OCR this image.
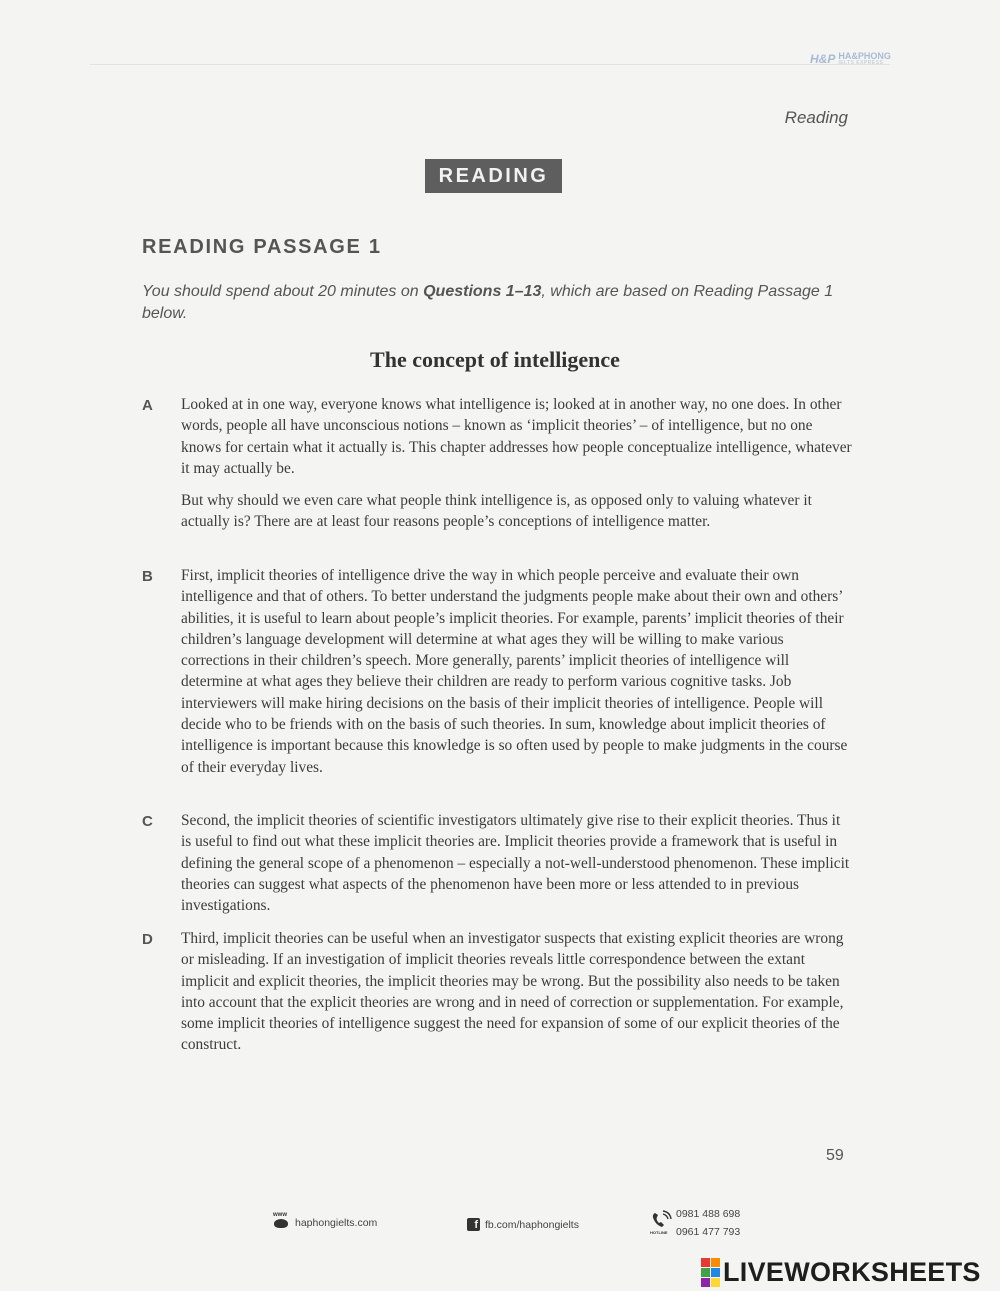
H&P HA&PHONG
IELTS EXPRESS
Reading
READING
READING PASSAGE 1
You should spend about 20 minutes on Questions 1–13, which are based on Reading Passage 1 below.
The concept of intelligence
A Looked at in one way, everyone knows what intelligence is; looked at in another way, no one does. In other words, people all have unconscious notions – known as ‘implicit theories’ – of intelligence, but no one knows for certain what it actually is. This chapter addresses how people conceptualize intelligence, whatever it may actually be.

But why should we even care what people think intelligence is, as opposed only to valuing whatever it actually is? There are at least four reasons people’s conceptions of intelligence matter.

B First, implicit theories of intelligence drive the way in which people perceive and evaluate their own intelligence and that of others. To better understand the judgments people make about their own and others’ abilities, it is useful to learn about people’s implicit theories. For example, parents’ implicit theories of their children’s language development will determine at what ages they will be willing to make various corrections in their children’s speech. More generally, parents’ implicit theories of intelligence will determine at what ages they believe their children are ready to perform various cognitive tasks. Job interviewers will make hiring decisions on the basis of their implicit theories of intelligence. People will decide who to be friends with on the basis of such theories. In sum, knowledge about implicit theories of intelligence is important because this knowledge is so often used by people to make judgments in the course of their everyday lives.

C Second, the implicit theories of scientific investigators ultimately give rise to their explicit theories. Thus it is useful to find out what these implicit theories are. Implicit theories provide a framework that is useful in defining the general scope of a phenomenon – especially a not-well-understood phenomenon. These implicit theories can suggest what aspects of the phenomenon have been more or less attended to in previous investigations.

D Third, implicit theories can be useful when an investigator suspects that existing explicit theories are wrong or misleading. If an investigation of implicit theories reveals little correspondence between the extant implicit and explicit theories, the implicit theories may be wrong. But the possibility also needs to be taken into account that the explicit theories are wrong and in need of correction or supplementation. For example, some implicit theories of intelligence suggest the need for expansion of some of our explicit theories of the construct.

59
www
haphongielts.com	f fb.com/haphongielts
HOTLINE
0981 488 698
0961 477 793
LIVEWORKSHEETS
